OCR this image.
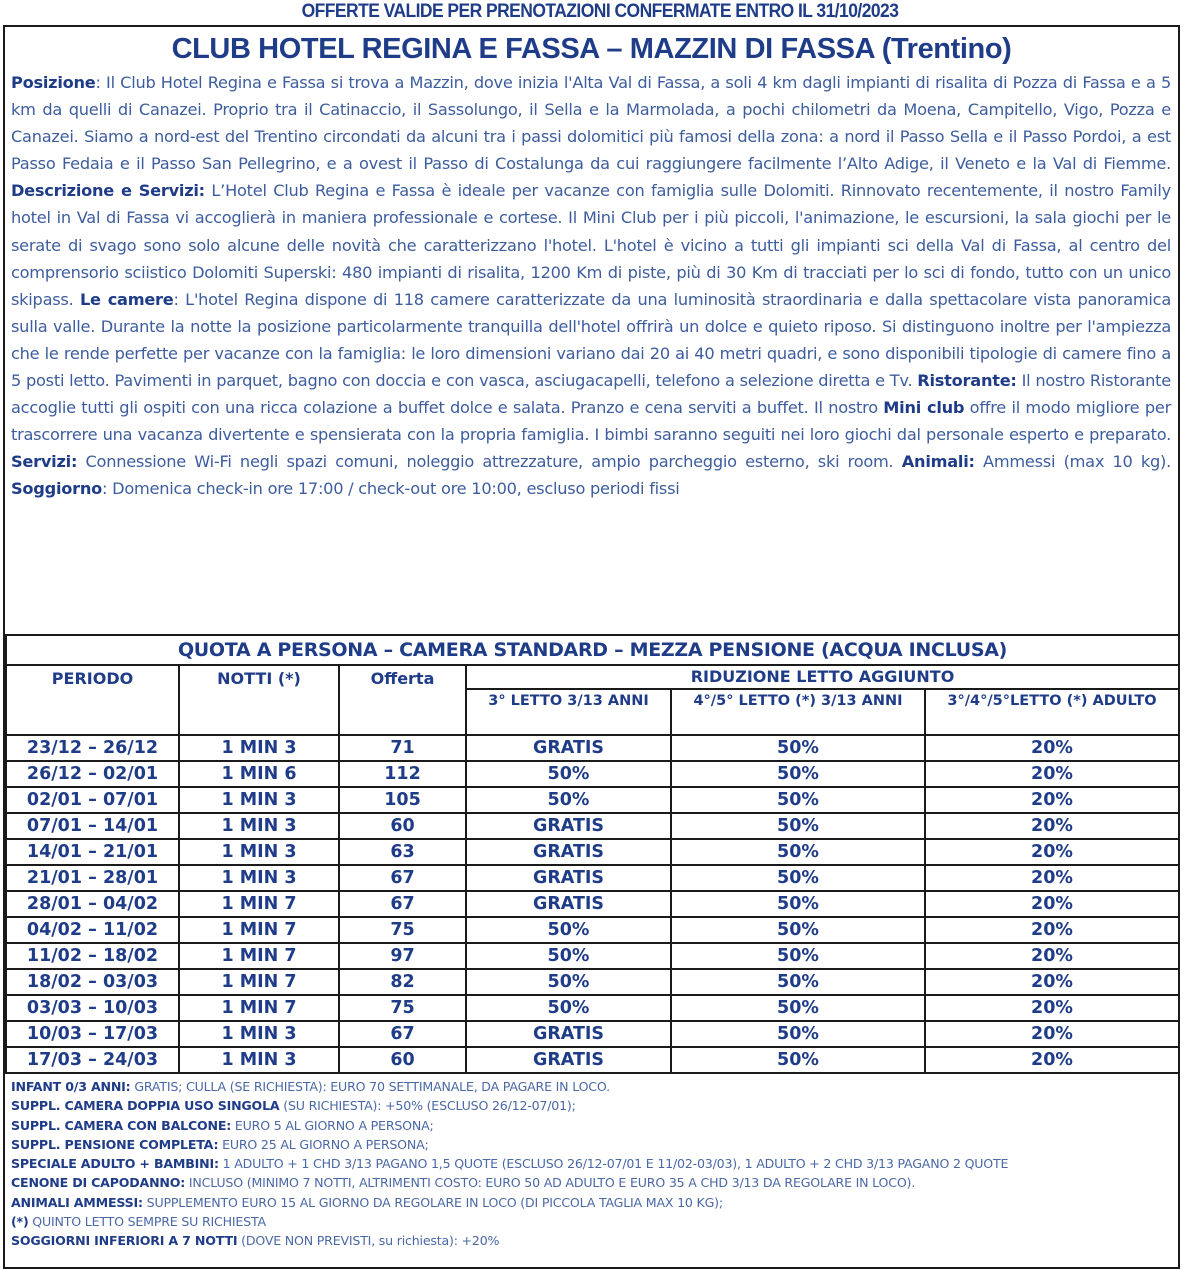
OFFERTE VALIDE PER PRENOTAZIONI CONFERMATE ENTRO IL 31/10/2023
CLUB HOTEL REGINA E FASSA – MAZZIN DI FASSA (Trentino)
Posizione: Il Club Hotel Regina e Fassa si trova a Mazzin, dove inizia l'Alta Val di Fassa, a soli 4 km dagli impianti di risalita di Pozza di Fassa e a 5 km da quelli di Canazei. Proprio tra il Catinaccio, il Sassolungo, il Sella e la Marmolada, a pochi chilometri da Moena, Campitello, Vigo, Pozza e Canazei. Siamo a nord-est del Trentino circondati da alcuni tra i passi dolomitici più famosi della zona: a nord il Passo Sella e il Passo Pordoi, a est Passo Fedaia e il Passo San Pellegrino, e a ovest il Passo di Costalunga da cui raggiungere facilmente l’Alto Adige, il Veneto e la Val di Fiemme. Descrizione e Servizi: L’Hotel Club Regina e Fassa è ideale per vacanze con famiglia sulle Dolomiti. Rinnovato recentemente, il nostro Family hotel in Val di Fassa vi accoglierà in maniera professionale e cortese. Il Mini Club per i più piccoli, l'animazione, le escursioni, la sala giochi per le serate di svago sono solo alcune delle novità che caratterizzano l'hotel. L'hotel è vicino a tutti gli impianti sci della Val di Fassa, al centro del comprensorio sciistico Dolomiti Superski: 480 impianti di risalita, 1200 Km di piste, più di 30 Km di tracciati per lo sci di fondo, tutto con un unico skipass. Le camere: L'hotel Regina dispone di 118 camere caratterizzate da una luminosità straordinaria e dalla spettacolare vista panoramica sulla valle. Durante la notte la posizione particolarmente tranquilla dell'hotel offrirà un dolce e quieto riposo. Si distinguono inoltre per l'ampiezza che le rende perfette per vacanze con la famiglia: le loro dimensioni variano dai 20 ai 40 metri quadri, e sono disponibili tipologie di camere fino a 5 posti letto. Pavimenti in parquet, bagno con doccia e con vasca, asciugacapelli, telefono a selezione diretta e Tv. Ristorante: Il nostro Ristorante accoglie tutti gli ospiti con una ricca colazione a buffet dolce e salata. Pranzo e cena serviti a buffet. Il nostro Mini club offre il modo migliore per trascorrere una vacanza divertente e spensierata con la propria famiglia. I bimbi saranno seguiti nei loro giochi dal personale esperto e preparato. Servizi: Connessione Wi-Fi negli spazi comuni, noleggio attrezzature, ampio parcheggio esterno, ski room. Animali: Ammessi (max 10 kg). Soggiorno: Domenica check-in ore 17:00 / check-out ore 10:00, escluso periodi fissi
QUOTA A PERSONA – CAMERA STANDARD – MEZZA PENSIONE (ACQUA INCLUSA)					
PERIODO	NOTTI (*)	Offerta	RIDUZIONE LETTO AGGIUNTO		
			3° LETTO 3/13 ANNI	4°/5° LETTO (*) 3/13 ANNI	3°/4°/5°LETTO (*) ADULTO
23/12 – 26/12	1 MIN 3	71	GRATIS	50%	20%
26/12 – 02/01	1 MIN 6	112	50%	50%	20%
02/01 – 07/01	1 MIN 3	105	50%	50%	20%
07/01 – 14/01	1 MIN 3	60	GRATIS	50%	20%
14/01 – 21/01	1 MIN 3	63	GRATIS	50%	20%
21/01 – 28/01	1 MIN 3	67	GRATIS	50%	20%
28/01 – 04/02	1 MIN 7	67	GRATIS	50%	20%
04/02 – 11/02	1 MIN 7	75	50%	50%	20%
11/02 – 18/02	1 MIN 7	97	50%	50%	20%
18/02 – 03/03	1 MIN 7	82	50%	50%	20%
03/03 – 10/03	1 MIN 7	75	50%	50%	20%
10/03 – 17/03	1 MIN 3	67	GRATIS	50%	20%
17/03 – 24/03	1 MIN 3	60	GRATIS	50%	20%
INFANT 0/3 ANNI: GRATIS; CULLA (SE RICHIESTA): EURO 70 SETTIMANALE, DA PAGARE IN LOCO.
SUPPL. CAMERA DOPPIA USO SINGOLA (SU RICHIESTA): +50% (ESCLUSO 26/12-07/01);
SUPPL. CAMERA CON BALCONE: EURO 5 AL GIORNO A PERSONA;
SUPPL. PENSIONE COMPLETA: EURO 25 AL GIORNO A PERSONA;
SPECIALE ADULTO + BAMBINI: 1 ADULTO + 1 CHD 3/13 PAGANO 1,5 QUOTE (ESCLUSO 26/12-07/01 E 11/02-03/03), 1 ADULTO + 2 CHD 3/13 PAGANO 2 QUOTE
CENONE DI CAPODANNO: INCLUSO (MINIMO 7 NOTTI, ALTRIMENTI COSTO: EURO 50 AD ADULTO E EURO 35 A CHD 3/13 DA REGOLARE IN LOCO).
ANIMALI AMMESSI: SUPPLEMENTO EURO 15 AL GIORNO DA REGOLARE IN LOCO (DI PICCOLA TAGLIA MAX 10 KG);
(*) QUINTO LETTO SEMPRE SU RICHIESTA
SOGGIORNI INFERIORI A 7 NOTTI (DOVE NON PREVISTI, su richiesta): +20%
